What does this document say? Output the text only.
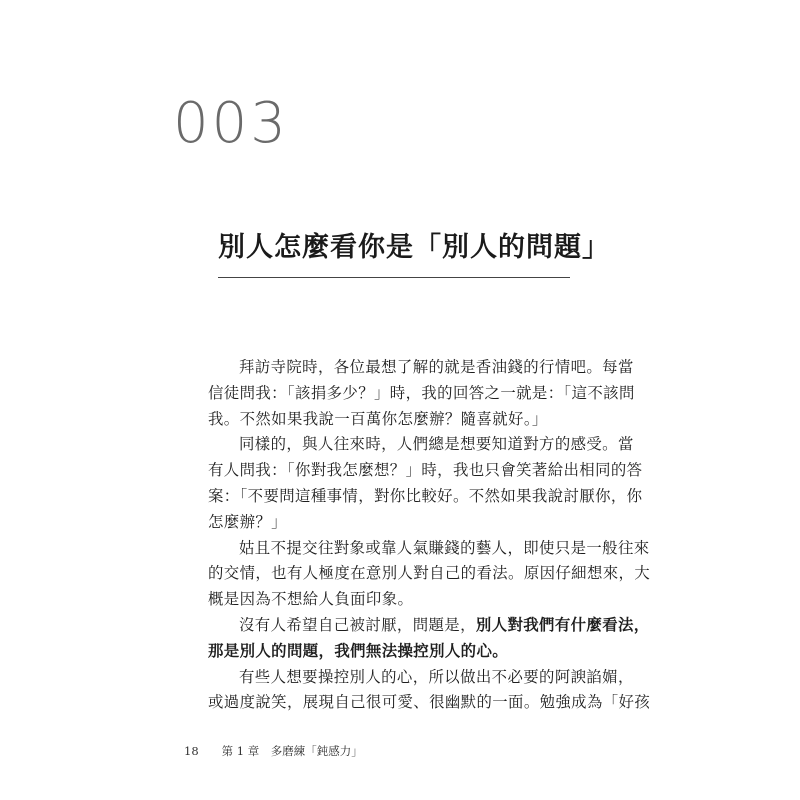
003
別人怎麼看你是「別人的問題」
拜訪寺院時，各位最想了解的就是香油錢的行情吧。每當
信徒問我：「該捐多少？」時，我的回答之一就是：「這不該問
我。不然如果我說一百萬你怎麼辦？隨喜就好。」
同樣的，與人往來時，人們總是想要知道對方的感受。當
有人問我：「你對我怎麼想？」時，我也只會笑著給出相同的答
案：「不要問這種事情，對你比較好。不然如果我說討厭你，你
怎麼辦？」
姑且不提交往對象或靠人氣賺錢的藝人，即使只是一般往來
的交情，也有人極度在意別人對自己的看法。原因仔細想來，大
概是因為不想給人負面印象。
沒有人希望自己被討厭，問題是，別人對我們有什麼看法，
那是別人的問題，我們無法操控別人的心。
有些人想要操控別人的心，所以做出不必要的阿諛諂媚，
或過度說笑，展現自己很可愛、很幽默的一面。勉強成為「好孩
18 第 1 章　多磨練「鈍感力」
